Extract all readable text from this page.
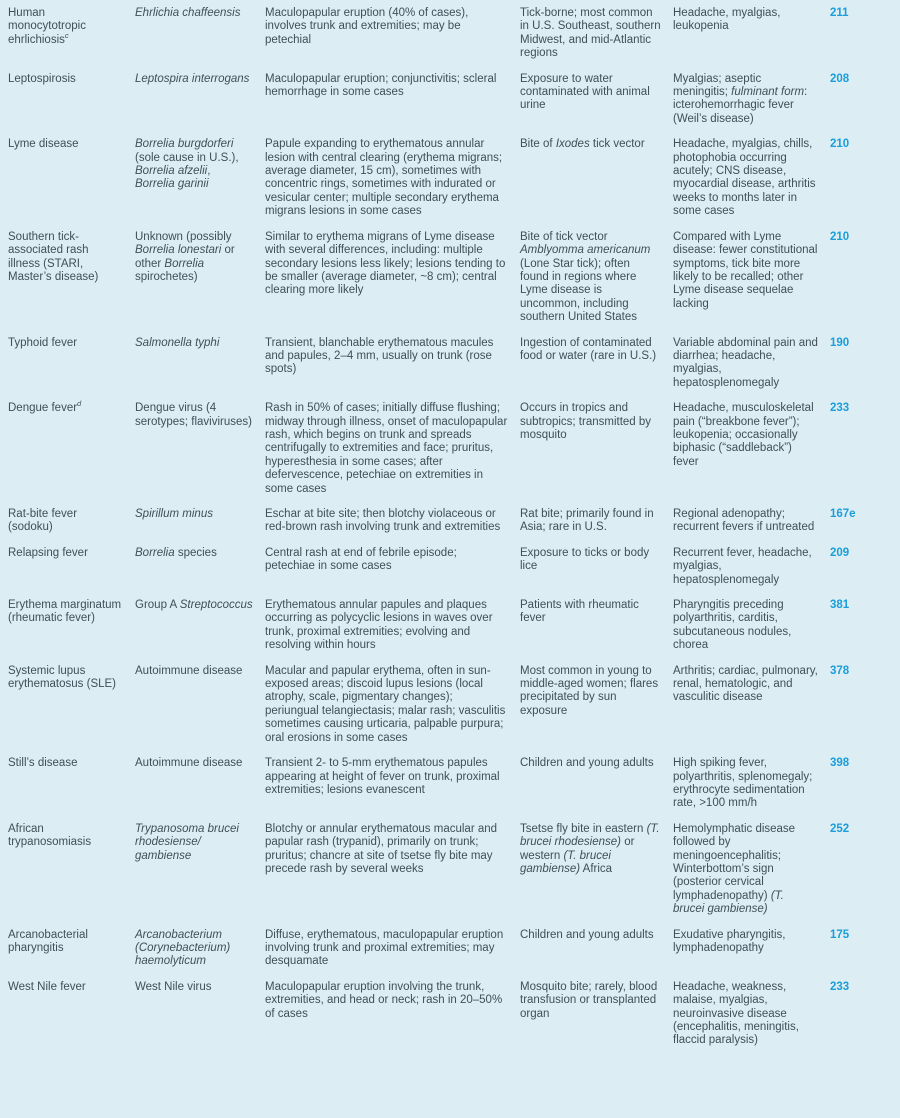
Human monocytotropic ehrlichiosis$^c$	Ehrlichia chaffeensis	Maculopapular eruption (40% of cases), involves trunk and extremities; may be petechial	Tick-borne; most common in U.S. Southeast, southern Midwest, and mid-Atlantic regions	Headache, myalgias, leukopenia	211
Leptospirosis	Leptospira interrogans	Maculopapular eruption; conjunctivitis; scleral hemorrhage in some cases	Exposure to water contaminated with animal urine	Myalgias; aseptic meningitis; fulminant form: icterohemorrhagic fever (Weil’s disease)	208
Lyme disease	Borrelia burgdorferi (sole cause in U.S.), Borrelia afzelii, Borrelia garinii	Papule expanding to erythematous annular lesion with central clearing (erythema migrans; average diameter, 15 cm), sometimes with concentric rings, sometimes with indurated or vesicular center; multiple secondary erythema migrans lesions in some cases	Bite of Ixodes tick vector	Headache, myalgias, chills, photophobia occurring acutely; CNS disease, myocardial disease, arthritis weeks to months later in some cases	210
Southern tick-associated rash illness (STARI, Master’s disease)	Unknown (possibly Borrelia lonestari or other Borrelia spirochetes)	Similar to erythema migrans of Lyme disease with several differences, including: multiple secondary lesions less likely; lesions tending to be smaller (average diameter, ~8 cm); central clearing more likely	Bite of tick vector Amblyomma americanum (Lone Star tick); often found in regions where Lyme disease is uncommon, including southern United States	Compared with Lyme disease: fewer constitutional symptoms, tick bite more likely to be recalled; other Lyme disease sequelae lacking	210
Typhoid fever	Salmonella typhi	Transient, blanchable erythematous macules and papules, 2–4 mm, usually on trunk (rose spots)	Ingestion of contaminated food or water (rare in U.S.)	Variable abdominal pain and diarrhea; headache, myalgias, hepatosplenomegaly	190
Dengue fever$^d$	Dengue virus (4 serotypes; flaviviruses)	Rash in 50% of cases; initially diffuse flushing; midway through illness, onset of maculopapular rash, which begins on trunk and spreads centrifugally to extremities and face; pruritus, hyperesthesia in some cases; after defervescence, petechiae on extremities in some cases	Occurs in tropics and subtropics; transmitted by mosquito	Headache, musculoskeletal pain (“breakbone fever”); leukopenia; occasionally biphasic (“saddleback”) fever	233
Rat-bite fever (sodoku)	Spirillum minus	Eschar at bite site; then blotchy violaceous or red-brown rash involving trunk and extremities	Rat bite; primarily found in Asia; rare in U.S.	Regional adenopathy; recurrent fevers if untreated	167e
Relapsing fever	Borrelia species	Central rash at end of febrile episode; petechiae in some cases	Exposure to ticks or body lice	Recurrent fever, headache, myalgias, hepatosplenomegaly	209
Erythema marginatum (rheumatic fever)	Group A Streptococcus	Erythematous annular papules and plaques occurring as polycyclic lesions in waves over trunk, proximal extremities; evolving and resolving within hours	Patients with rheumatic fever	Pharyngitis preceding polyarthritis, carditis, subcutaneous nodules, chorea	381
Systemic lupus erythematosus (SLE)	Autoimmune disease	Macular and papular erythema, often in sun-exposed areas; discoid lupus lesions (local atrophy, scale, pigmentary changes); periungual telangiectasis; malar rash; vasculitis sometimes causing urticaria, palpable purpura; oral erosions in some cases	Most common in young to middle-aged women; flares precipitated by sun exposure	Arthritis; cardiac, pulmonary, renal, hematologic, and vasculitic disease	378
Still’s disease	Autoimmune disease	Transient 2- to 5-mm erythematous papules appearing at height of fever on trunk, proximal extremities; lesions evanescent	Children and young adults	High spiking fever, polyarthritis, splenomegaly; erythrocyte sedimentation rate, >100 mm/​h	398
African trypanosomiasis	Trypanosoma brucei rhodesiense/​gambiense	Blotchy or annular erythematous macular and papular rash (trypanid), primarily on trunk; pruritus; chancre at site of tsetse fly bite may precede rash by several weeks	Tsetse fly bite in eastern (T. brucei rhodesiense) or western (T. brucei gambiense) Africa	Hemolymphatic disease followed by meningoencephalitis; Winterbottom’s sign (posterior cervical lymphadenopathy) (T. brucei gambiense)	252
Arcanobacterial pharyngitis	Arcanobacterium (Corynebacterium) haemolyticum	Diffuse, erythematous, maculopapular eruption involving trunk and proximal extremities; may desquamate	Children and young adults	Exudative pharyngitis, lymphadenopathy	175
West Nile fever	West Nile virus	Maculopapular eruption involving the trunk, extremities, and head or neck; rash in 20–50% of cases	Mosquito bite; rarely, blood transfusion or transplanted organ	Headache, weakness, malaise, myalgias, neuroinvasive disease (encephalitis, meningitis, flaccid paralysis)	233
